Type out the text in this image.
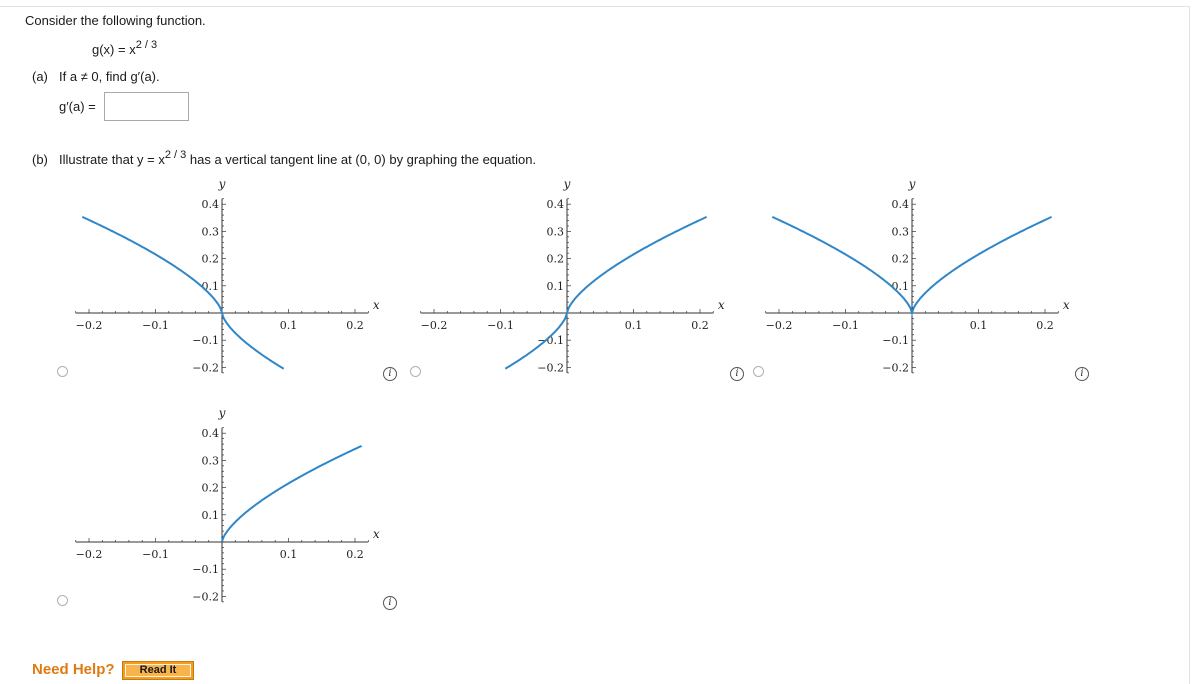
Consider the following function.
$g(x) = x^{2 / 3}$
(a) If a ≠ 0, find g′(a).
g′(a) =
(b) Illustrate that $y = x^{2 / 3}$ has a vertical tangent line at (0, 0) by graphing the equation.
−0.2	−0.1	0.1	0.2
0.4
0.3
0.2
0.1
−0.1
−0.2
x
y
i
−0.2	−0.1	0.1	0.2
0.4
0.3
0.2
0.1
−0.1
−0.2
x
y
i
−0.2	−0.1	0.1	0.2
0.4
0.3
0.2
0.1
−0.1
−0.2
x
y
i
−0.2	−0.1	0.1	0.2
0.4
0.3
0.2
0.1
−0.1
−0.2
x
y
i
Need Help?	Read It
